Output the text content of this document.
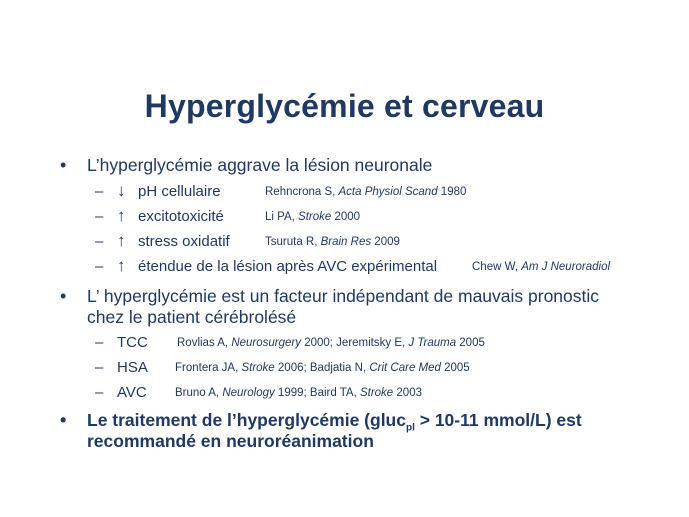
Hyperglycémie et cerveau
• L’hyperglycémie aggrave la lésion neuronale
– ↓ pH cellulaire	Rehncrona S, Acta Physiol Scand 1980
– ↑ excitotoxicité	Li PA, Stroke 2000
– ↑ stress oxidatif	Tsuruta R, Brain Res 2009
– ↑ étendue de la lésion après AVC expérimental	Chew W, Am J Neuroradiol
• L’ hyperglycémie est un facteur indépendant de mauvais pronostic
chez le patient cérébrolésé
– TCC	Rovlias A, Neurosurgery 2000; Jeremitsky E, J Trauma 2005
– HSA Frontera JA, Stroke 2006; Badjatia N, Crit Care Med 2005
– AVC Bruno A, Neurology 1999; Baird TA, Stroke 2003
• Le traitement de l’hyperglycémie (gluc$_{pl}$ > 10-11 mmol/L) est
recommandé en neuroréanimation
